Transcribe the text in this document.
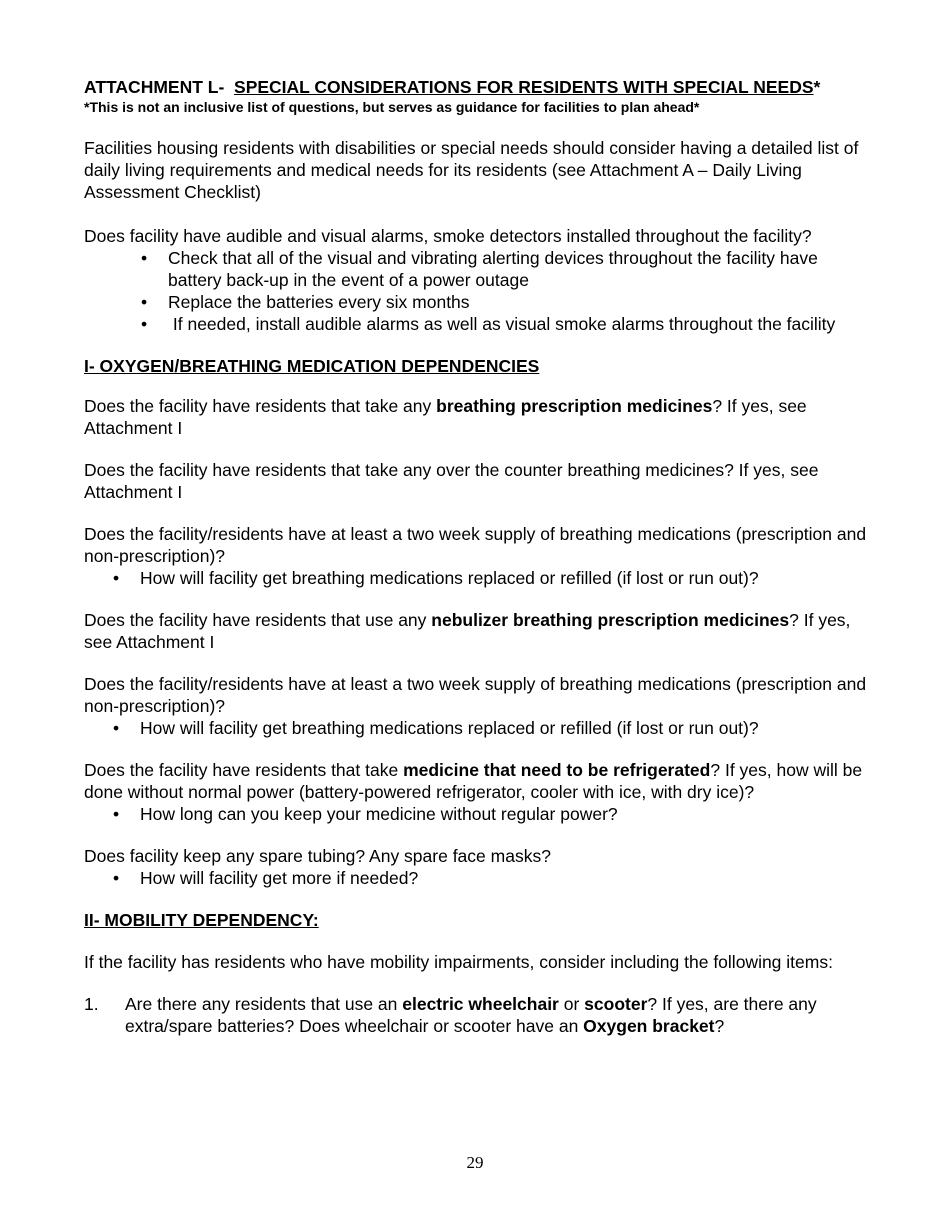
ATTACHMENT L-  SPECIAL CONSIDERATIONS FOR RESIDENTS WITH SPECIAL NEEDS*

*This is not an inclusive list of questions, but serves as guidance for facilities to plan ahead*

Facilities housing residents with disabilities or special needs should consider having a detailed list of daily living requirements and medical needs for its residents (see Attachment A – Daily Living Assessment Checklist)

Does facility have audible and visual alarms, smoke detectors installed throughout the facility?

• Check that all of the visual and vibrating alerting devices throughout the facility have battery back-up in the event of a power outage
• Replace the batteries every six months
•  If needed, install audible alarms as well as visual smoke alarms throughout the facility

I- OXYGEN/BREATHING MEDICATION DEPENDENCIES

Does the facility have residents that take any breathing prescription medicines? If yes, see Attachment I

Does the facility have residents that take any over the counter breathing medicines? If yes, see Attachment I

Does the facility/residents have at least a two week supply of breathing medications (prescription and non-prescription)?

• How will facility get breathing medications replaced or refilled (if lost or run out)?

Does the facility have residents that use any nebulizer breathing prescription medicines? If yes, see Attachment I

Does the facility/residents have at least a two week supply of breathing medications (prescription and non-prescription)?

• How will facility get breathing medications replaced or refilled (if lost or run out)?

Does the facility have residents that take medicine that need to be refrigerated? If yes, how will be done without normal power (battery-powered refrigerator, cooler with ice, with dry ice)?

• How long can you keep your medicine without regular power?

Does facility keep any spare tubing? Any spare face masks?

• How will facility get more if needed?

II- MOBILITY DEPENDENCY:

If the facility has residents who have mobility impairments, consider including the following items:

1. Are there any residents that use an electric wheelchair or scooter? If yes, are there any extra/spare batteries? Does wheelchair or scooter have an Oxygen bracket?
29
